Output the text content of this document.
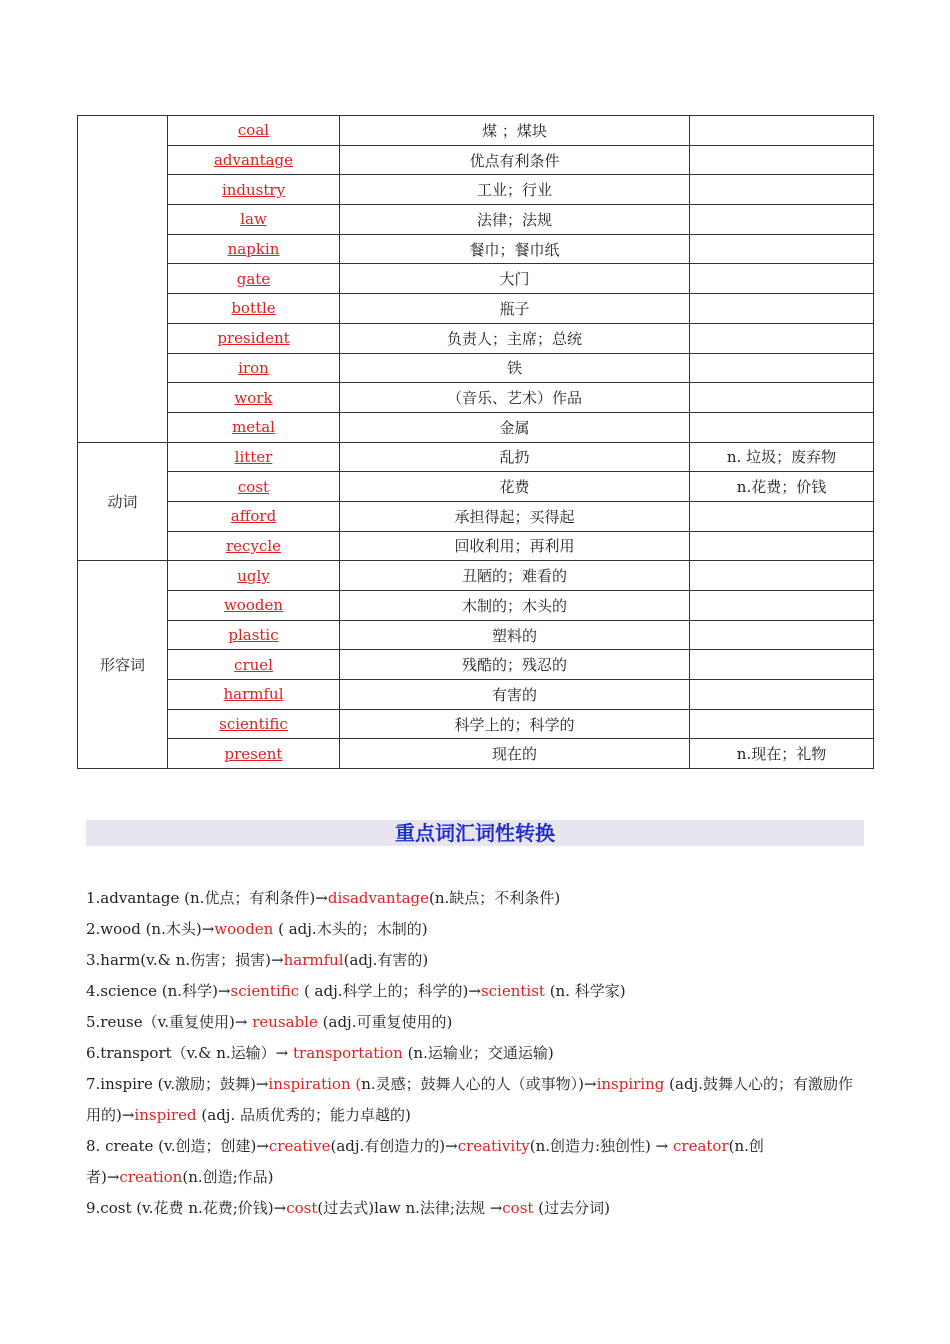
	coal	煤 ；煤块	
	advantage	优点有利条件	
	industry	工业；行业	
	law	法律；法规	
	napkin	餐巾；餐巾纸	
	gate	大门	
	bottle	瓶子	
	president	负责人；主席；总统	
	iron	铁	
	work	（音乐、艺术）作品	
	metal	金属	
动词	litter	乱扔	n. 垃圾；废弃物
	cost	花费	n.花费；价钱
	afford	承担得起；买得起	
	recycle	回收利用；再利用	
形容词	ugly	丑陋的；难看的	
	wooden	木制的；木头的	
	plastic	塑料的	
	cruel	残酷的；残忍的	
	harmful	有害的	
	scientific	科学上的；科学的	
	present	现在的	n.现在；礼物
重点词汇词性转换

1.advantage (n.优点；有利条件)→disadvantage(n.缺点；不利条件)

2.wood (n.木头)→wooden ( adj.木头的；木制的)

3.harm(v.& n.伤害；损害)→harmful(adj.有害的)

4.science (n.科学)→scientific ( adj.科学上的；科学的)→scientist (n. 科学家)

5.reuse（v.重复使用)→ reusable (adj.可重复使用的)

6.transport（v.& n.运输）→ transportation (n.运输业；交通运输)

7.inspire (v.激励；鼓舞)→inspiration (n.灵感；鼓舞人心的人（或事物）)→inspiring (adj.鼓舞人心的；有激励作用的)→inspired (adj. 品质优秀的；能力卓越的)

8. create (v.创造；创建)→creative(adj.有创造力的)→creativity(n.创造力:独创性) → creator(n.创者)→creation(n.创造;作品)

9.cost (v.花费 n.花费;价钱)→cost(过去式)law n.法律;法规 →cost (过去分词)
